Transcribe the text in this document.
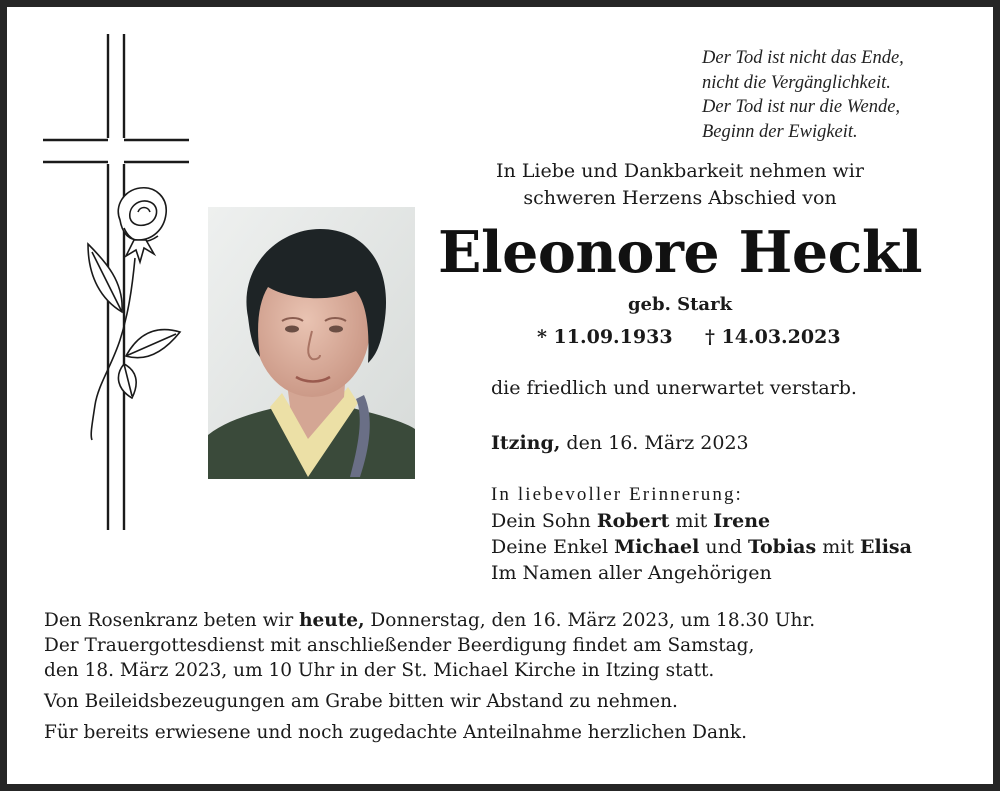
Der Tod ist nicht das Ende,
nicht die Vergänglichkeit.
Der Tod ist nur die Wende,
Beginn der Ewigkeit.
In Liebe und Dankbarkeit nehmen wir
schweren Herzens Abschied von
Eleonore Heckl
geb. Stark
* 11.09.1933 † 14.03.2023
die friedlich und unerwartet verstarb.
Itzing, den 16. März 2023
In liebevoller Erinnerung:
Dein Sohn Robert mit Irene
Deine Enkel Michael und Tobias mit Elisa
Im Namen aller Angehörigen
Den Rosenkranz beten wir heute, Donnerstag, den 16. März 2023, um 18.30 Uhr.
Der Trauergottesdienst mit anschließender Beerdigung findet am Samstag,
den 18. März 2023, um 10 Uhr in der St. Michael Kirche in Itzing statt.
Von Beileidsbezeugungen am Grabe bitten wir Abstand zu nehmen.
Für bereits erwiesene und noch zugedachte Anteilnahme herzlichen Dank.
